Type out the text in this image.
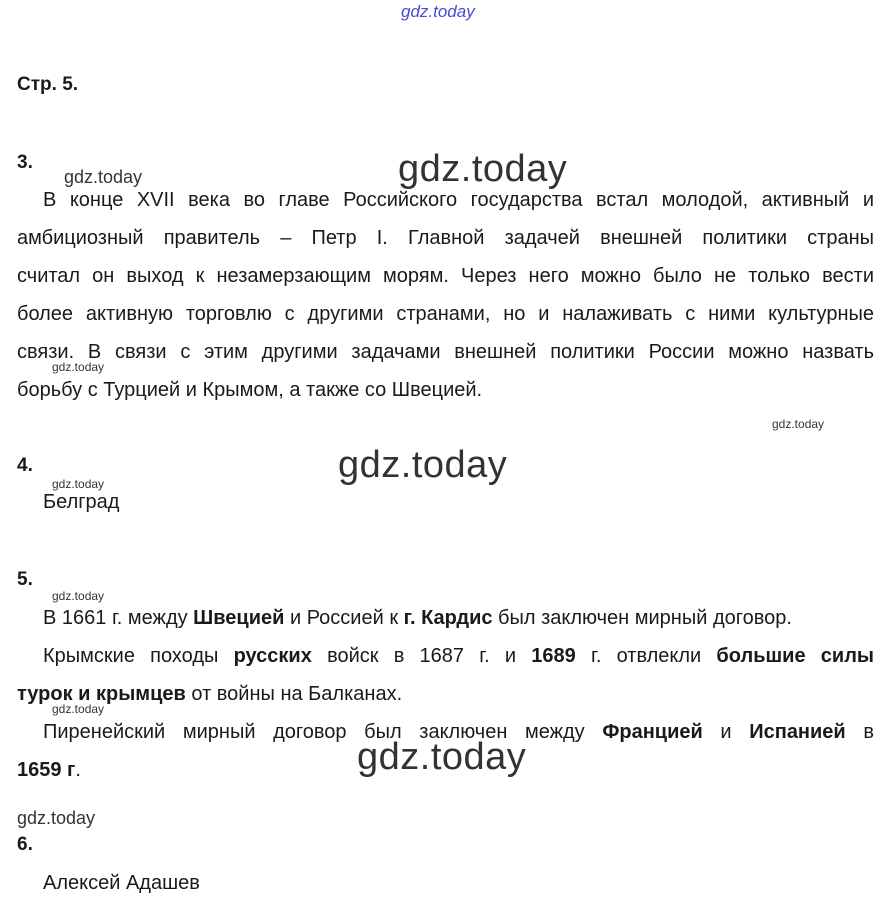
gdz.today
gdz.today
gdz.today
gdz.today
gdz.today
gdz.today
gdz.today
gdz.today
gdz.today
gdz.today
gdz.today
Стр. 5.
3.
В конце XVII века во главе Российского государства встал молодой, активный и
амбициозный правитель – Петр I. Главной задачей внешней политики страны
считал он выход к незамерзающим морям. Через него можно было не только вести
более активную торговлю с другими странами, но и налаживать с ними культурные
связи. В связи с этим другими задачами внешней политики России можно назвать
борьбу с Турцией и Крымом, а также со Швецией.
4.
Белград
5.
В 1661 г. между Швецией и Россией к г. Кардис был заключен мирный договор.
Крымские походы русских войск в 1687 г. и 1689 г. отвлекли большие силы
турок и крымцев от войны на Балканах.
Пиренейский мирный договор был заключен между Францией и Испанией в
1659 г.
6.
Алексей Адашев
